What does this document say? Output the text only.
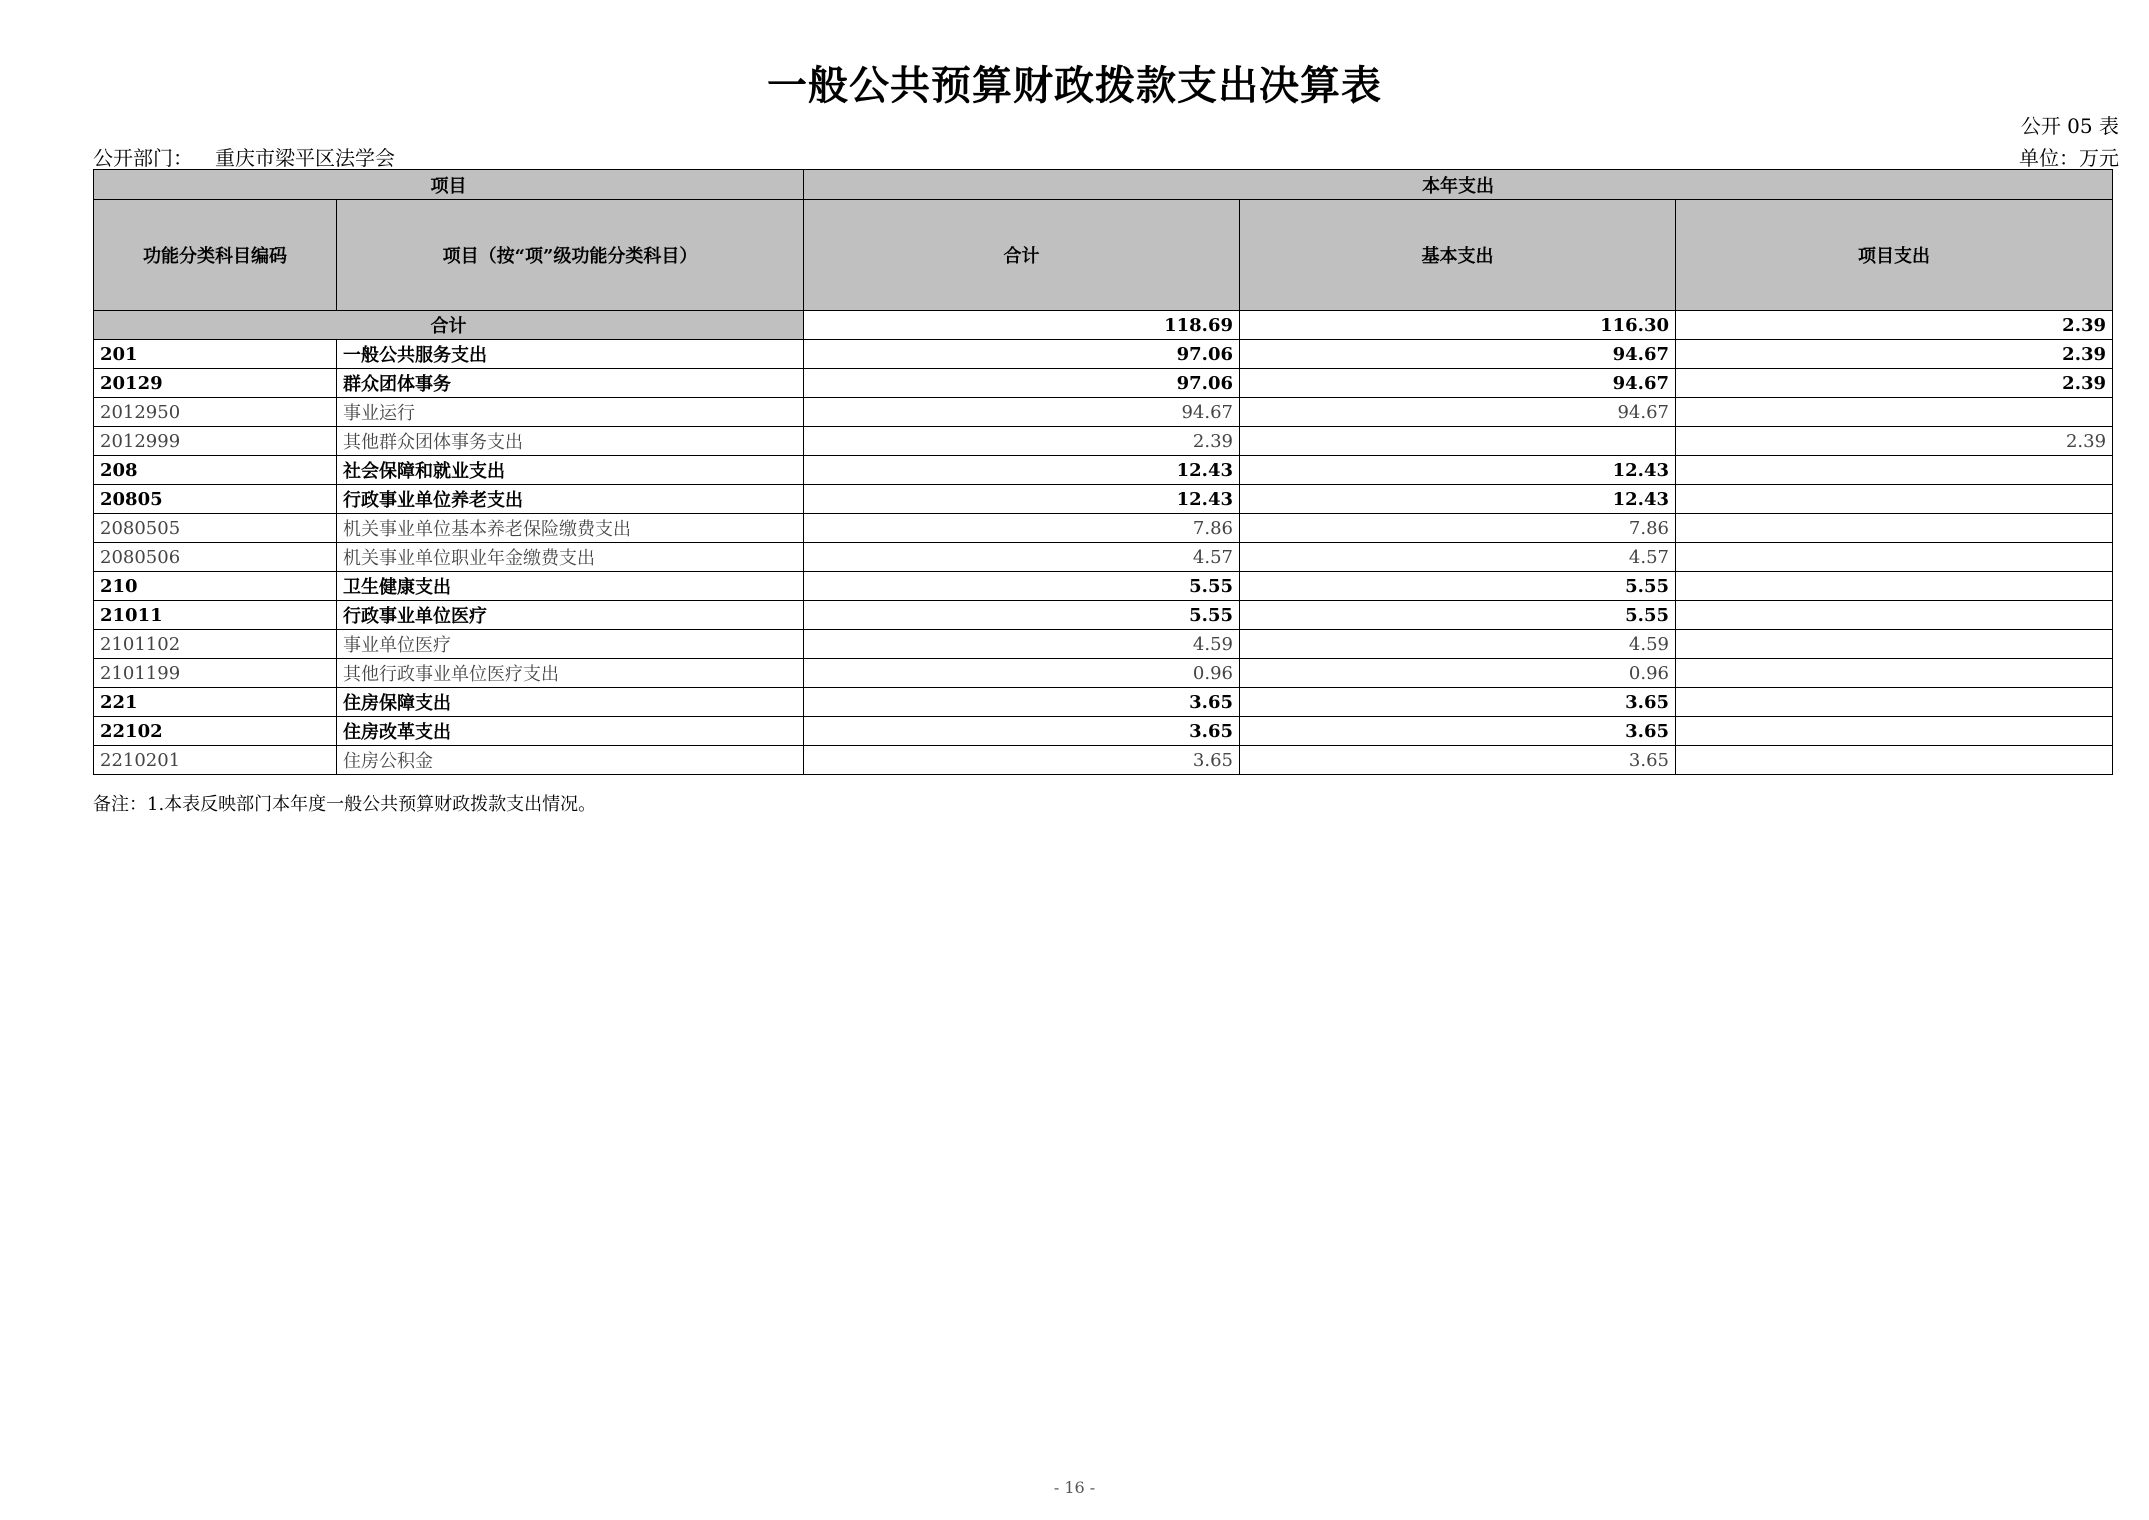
一般公共预算财政拨款支出决算表
公开 05 表
公开部门： 重庆市梁平区法学会	单位：万元
项目		本年支出		
功能分类科目编码	项目（按“项”级功能分类科目）	合计	基本支出	项目支出
合计		118.69	116.30	2.39
201	一般公共服务支出	97.06	94.67	2.39
20129	群众团体事务	97.06	94.67	2.39
2012950	事业运行	94.67	94.67	
2012999	其他群众团体事务支出	2.39		2.39
208	社会保障和就业支出	12.43	12.43	
20805	行政事业单位养老支出	12.43	12.43	
2080505	机关事业单位基本养老保险缴费支出	7.86	7.86	
2080506	机关事业单位职业年金缴费支出	4.57	4.57	
210	卫生健康支出	5.55	5.55	
21011	行政事业单位医疗	5.55	5.55	
2101102	事业单位医疗	4.59	4.59	
2101199	其他行政事业单位医疗支出	0.96	0.96	
221	住房保障支出	3.65	3.65	
22102	住房改革支出	3.65	3.65	
2210201	住房公积金	3.65	3.65	
备注：1.本表反映部门本年度一般公共预算财政拨款支出情况。
- 16 -
